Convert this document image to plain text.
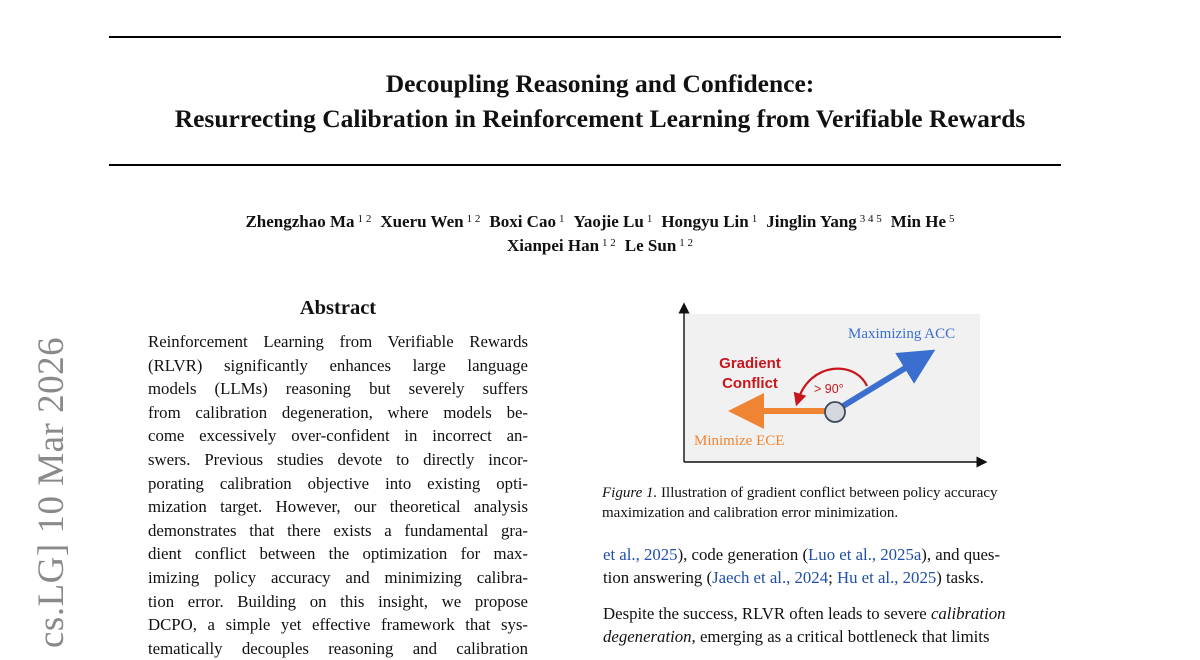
Decoupling Reasoning and Confidence:
Resurrecting Calibration in Reinforcement Learning from Verifiable Rewards
Zhengzhao Ma $^{1 2}$ Xueru Wen $^{1 2}$ Boxi Cao $^1$ Yaojie Lu $^1$ Hongyu Lin $^1$ Jinglin Yang $^{3 4 5}$ Min He $^5$
Xianpei Han $^{1 2}$ Le Sun $^{1 2}$
cs.LG] 10 Mar 2026
Abstract
Reinforcement Learning from Verifiable Rewards
(RLVR) significantly enhances large language
models (LLMs) reasoning but severely suffers
from calibration degeneration, where models be-
come excessively over-confident in incorrect an-
swers. Previous studies devote to directly incor-
porating calibration objective into existing opti-
mization target. However, our theoretical analysis
demonstrates that there exists a fundamental gra-
dient conflict between the optimization for max-
imizing policy accuracy and minimizing calibra-
tion error. Building on this insight, we propose
DCPO, a simple yet effective framework that sys-
tematically decouples reasoning and calibration
Maximizing ACC
Gradient
Conflict	> 90°
Minimize ECE
Figure 1. Illustration of gradient conflict between policy accuracy maximization and calibration error minimization.
et al., 2025), code generation (Luo et al., 2025a), and ques-
tion answering (Jaech et al., 2024; Hu et al., 2025) tasks.
Despite the success, RLVR often leads to severe calibration
degeneration, emerging as a critical bottleneck that limits
